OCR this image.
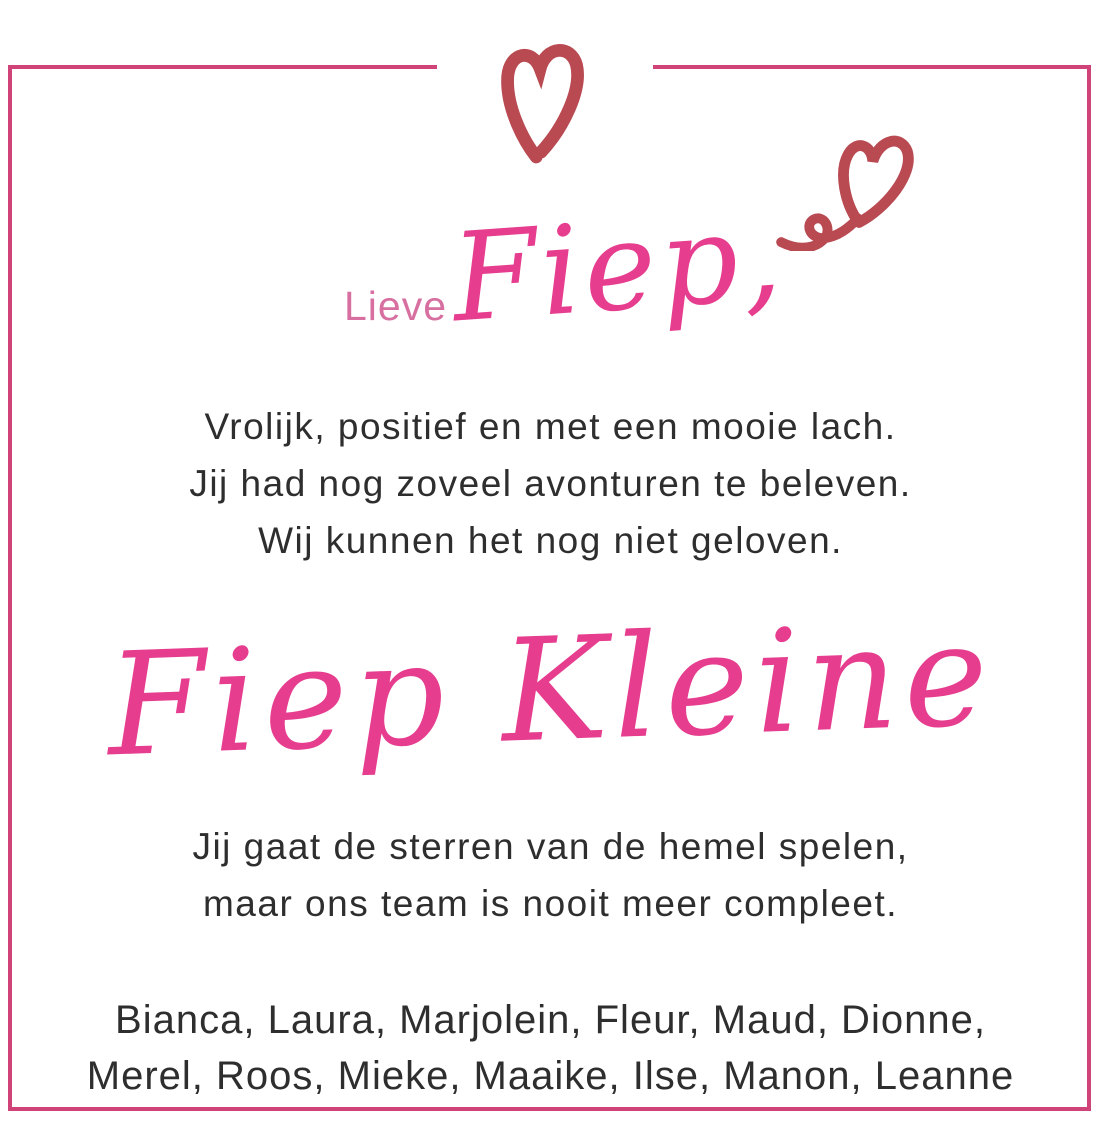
Lieve Fiep,
Vrolijk, positief en met een mooie lach.
Jij had nog zoveel avonturen te beleven.
Wij kunnen het nog niet geloven.
Fiep Kleine
Jij gaat de sterren van de hemel spelen,
maar ons team is nooit meer compleet.
Bianca, Laura, Marjolein, Fleur, Maud, Dionne,
Merel, Roos, Mieke, Maaike, Ilse, Manon, Leanne
